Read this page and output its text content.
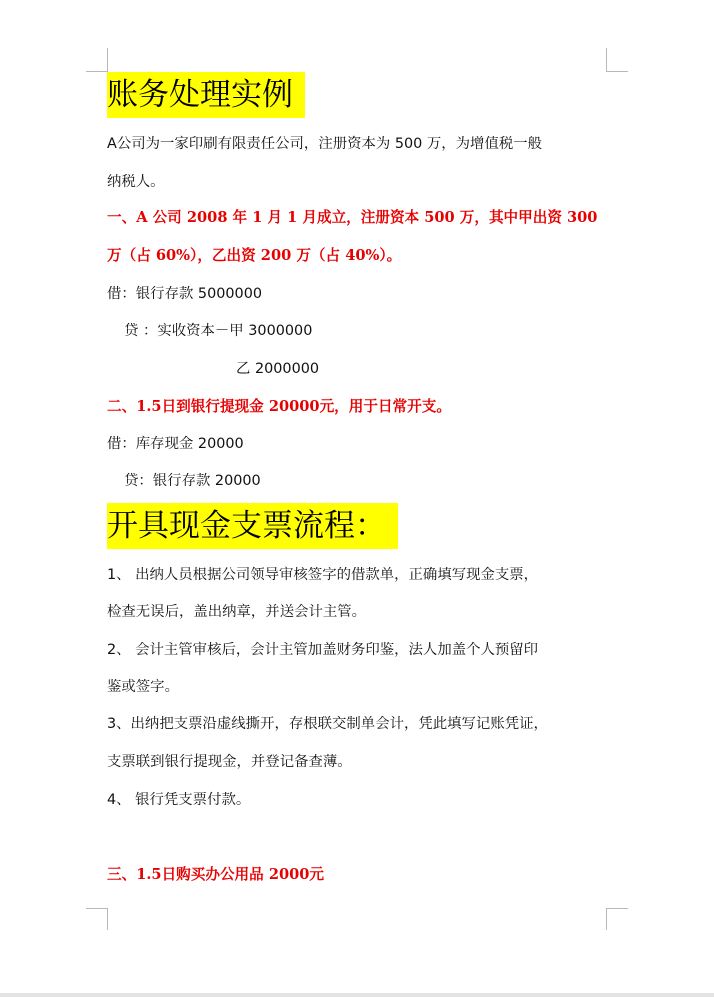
账务处理实例
A公司为一家印刷有限责任公司，注册资本为 500 万，为增值税一般
纳税人。
一、A 公司 2008 年 1 月 1 月成立，注册资本 500 万，其中甲出资 300
万（占 60%），乙出资 200 万（占 40%）。
借：银行存款 5000000
贷 ：实收资本－甲 3000000
乙 2000000
二、1.5日到银行提现金 20000元，用于日常开支。
借：库存现金 20000
贷：银行存款 20000
开具现金支票流程：
1、 出纳人员根据公司领导审核签字的借款单，正确填写现金支票，
检查无误后，盖出纳章，并送会计主管。
2、 会计主管审核后，会计主管加盖财务印鉴，法人加盖个人预留印
鉴或签字。
3、出纳把支票沿虚线撕开，存根联交制单会计，凭此填写记账凭证，
支票联到银行提现金，并登记备查薄。
4、 银行凭支票付款。
三、1.5日购买办公用品 2000元
